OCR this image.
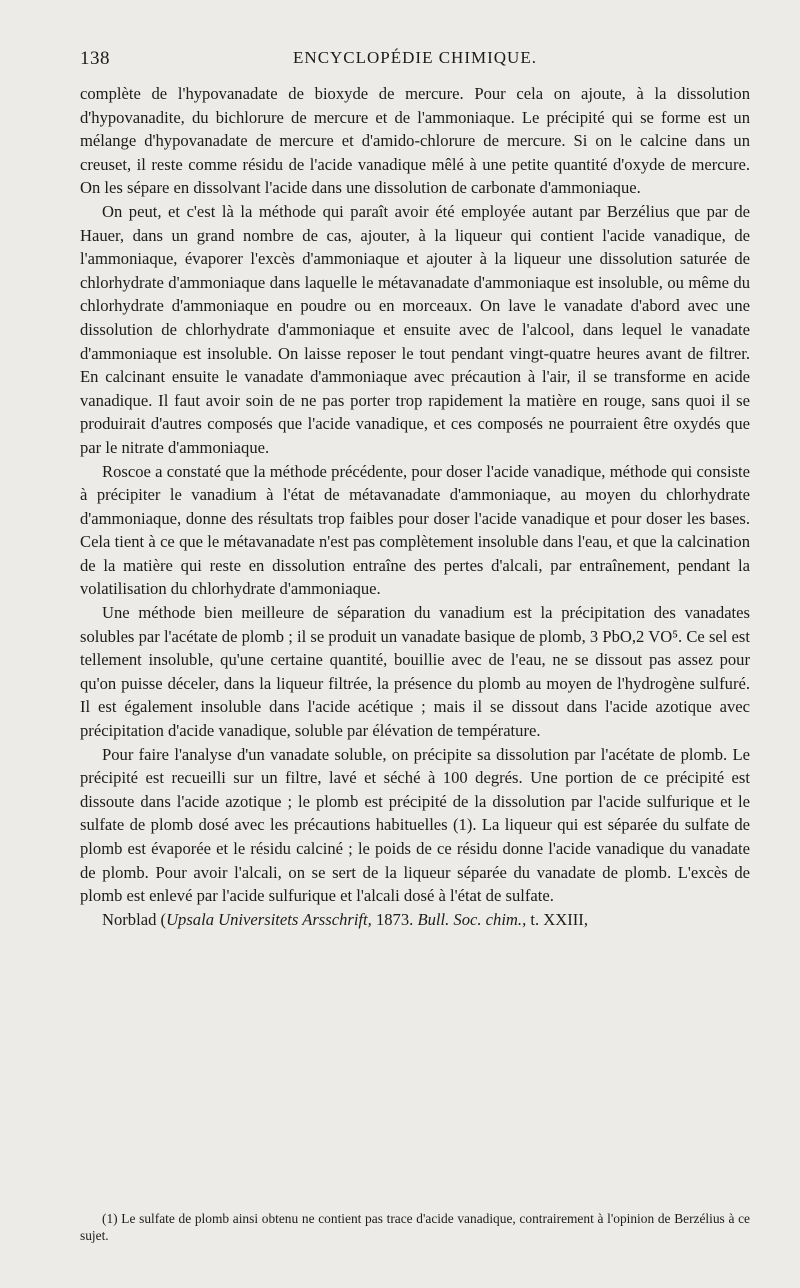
138	ENCYCLOPÉDIE CHIMIQUE.

complète de l'hypovanadate de bioxyde de mercure. Pour cela on ajoute, à la dissolution d'hypovanadite, du bichlorure de mercure et de l'ammoniaque. Le précipité qui se forme est un mélange d'hypovanadate de mercure et d'amido-chlorure de mercure. Si on le calcine dans un creuset, il reste comme résidu de l'acide vanadique mêlé à une petite quantité d'oxyde de mercure. On les sépare en dissolvant l'acide dans une dissolution de carbonate d'ammoniaque.

On peut, et c'est là la méthode qui paraît avoir été employée autant par Berzélius que par de Hauer, dans un grand nombre de cas, ajouter, à la liqueur qui contient l'acide vanadique, de l'ammoniaque, évaporer l'excès d'ammoniaque et ajouter à la liqueur une dissolution saturée de chlorhydrate d'ammoniaque dans laquelle le métavanadate d'ammoniaque est insoluble, ou même du chlorhydrate d'ammoniaque en poudre ou en morceaux. On lave le vanadate d'abord avec une dissolution de chlorhydrate d'ammoniaque et ensuite avec de l'alcool, dans lequel le vanadate d'ammoniaque est insoluble. On laisse reposer le tout pendant vingt-quatre heures avant de filtrer. En calcinant ensuite le vanadate d'ammoniaque avec précaution à l'air, il se transforme en acide vanadique. Il faut avoir soin de ne pas porter trop rapidement la matière en rouge, sans quoi il se produirait d'autres composés que l'acide vanadique, et ces composés ne pourraient être oxydés que par le nitrate d'ammoniaque.

Roscoe a constaté que la méthode précédente, pour doser l'acide vanadique, méthode qui consiste à précipiter le vanadium à l'état de métavanadate d'ammoniaque, au moyen du chlorhydrate d'ammoniaque, donne des résultats trop faibles pour doser l'acide vanadique et pour doser les bases. Cela tient à ce que le métavanadate n'est pas complètement insoluble dans l'eau, et que la calcination de la matière qui reste en dissolution entraîne des pertes d'alcali, par entraînement, pendant la volatilisation du chlorhydrate d'ammoniaque.

Une méthode bien meilleure de séparation du vanadium est la précipitation des vanadates solubles par l'acétate de plomb ; il se produit un vanadate basique de plomb, 3 PbO,2 VO⁵. Ce sel est tellement insoluble, qu'une certaine quantité, bouillie avec de l'eau, ne se dissout pas assez pour qu'on puisse déceler, dans la liqueur filtrée, la présence du plomb au moyen de l'hydrogène sulfuré. Il est également insoluble dans l'acide acétique ; mais il se dissout dans l'acide azotique avec précipitation d'acide vanadique, soluble par élévation de température.

Pour faire l'analyse d'un vanadate soluble, on précipite sa dissolution par l'acétate de plomb. Le précipité est recueilli sur un filtre, lavé et séché à 100 degrés. Une portion de ce précipité est dissoute dans l'acide azotique ; le plomb est précipité de la dissolution par l'acide sulfurique et le sulfate de plomb dosé avec les précautions habituelles (1). La liqueur qui est séparée du sulfate de plomb est évaporée et le résidu calciné ; le poids de ce résidu donne l'acide vanadique du vanadate de plomb. Pour avoir l'alcali, on se sert de la liqueur séparée du vanadate de plomb. L'excès de plomb est enlevé par l'acide sulfurique et l'alcali dosé à l'état de sulfate.

Norblad (Upsala Universitets Arsschrift, 1873. Bull. Soc. chim., t. XXIII,

(1) Le sulfate de plomb ainsi obtenu ne contient pas trace d'acide vanadique, contrairement à l'opinion de Berzélius à ce sujet.
